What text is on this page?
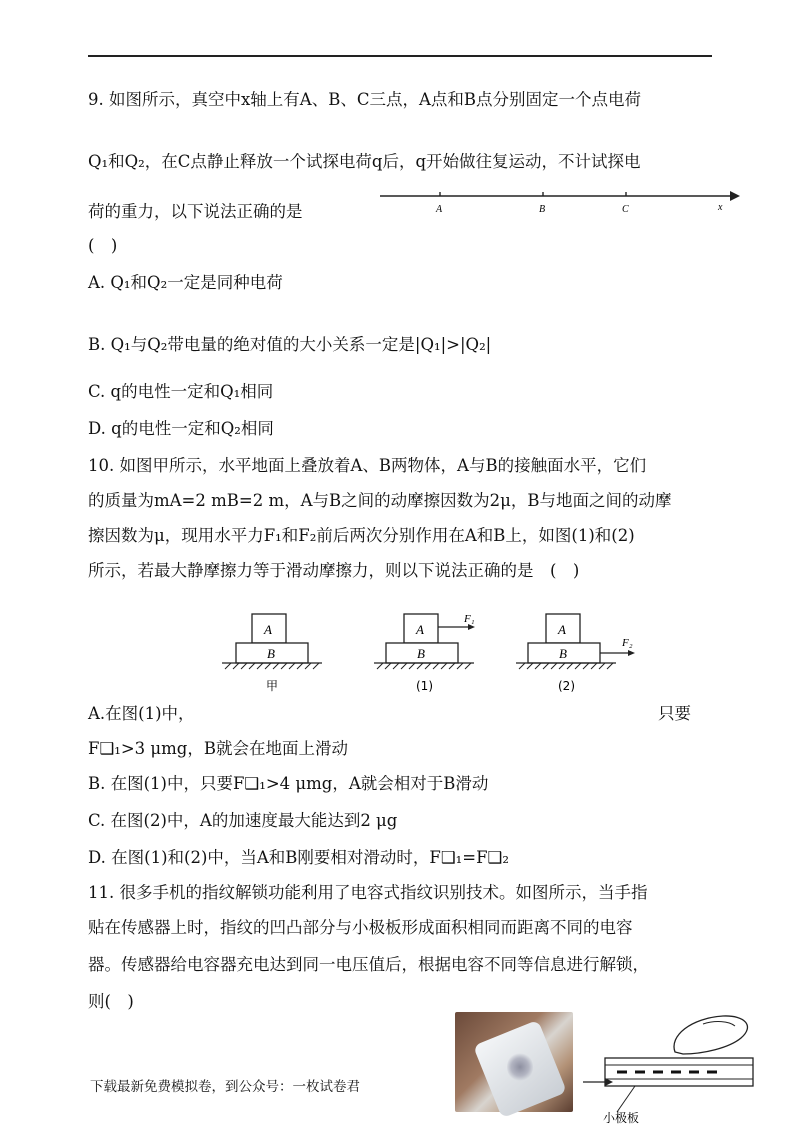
9. 如图所示，真空中x轴上有A、B、C三点，A点和B点分别固定一个点电荷
Q₁和Q₂，在C点静止释放一个试探电荷q后，q开始做往复运动，不计试探电
荷的重力，以下说法正确的是
(　)
A	B	C	x
A. Q₁和Q₂一定是同种电荷
B. Q₁与Q₂带电量的绝对值的大小关系一定是|Q₁|>|Q₂|
C. q的电性一定和Q₁相同
D. q的电性一定和Q₂相同
10. 如图甲所示，水平地面上叠放着A、B两物体，A与B的接触面水平，它们
的质量为mA=2 mB=2 m，A与B之间的动摩擦因数为2μ，B与地面之间的动摩
擦因数为μ，现用水平力F₁和F₂前后两次分别作用在A和B上，如图(1)和(2)
所示，若最大静摩擦力等于滑动摩擦力，则以下说法正确的是　(　)
A
B
甲
A
F₁
B
(1)
A
B
F₂
(2)
A.在图(1)中，	只要
F❑₁>3 μmg，B就会在地面上滑动
B. 在图(1)中，只要F❑₁>4 μmg，A就会相对于B滑动
C. 在图(2)中，A的加速度最大能达到2 μg
D. 在图(1)和(2)中，当A和B刚要相对滑动时，F❑₁=F❑₂
11. 很多手机的指纹解锁功能利用了电容式指纹识别技术。如图所示，当手指
贴在传感器上时，指纹的凹凸部分与小极板形成面积相同而距离不同的电容
器。传感器给电容器充电达到同一电压值后，根据电容不同等信息进行解锁，
则(　)
小极板
下载最新免费模拟卷，到公众号：一枚试卷君
